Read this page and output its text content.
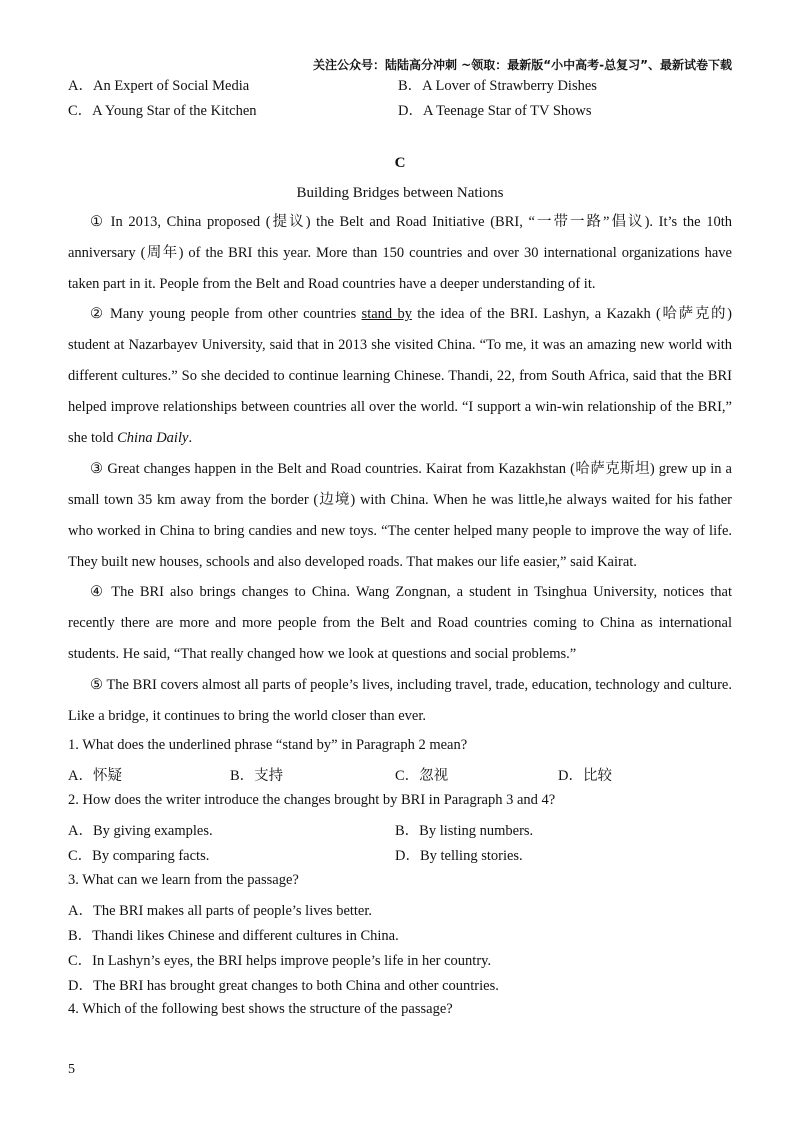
关注公众号：陆陆高分冲刺 ~领取：最新版“小中高考-总复习”、最新试卷下载
A．An Expert of Social Media	B．A Lover of Strawberry Dishes
C．A Young Star of the Kitchen	D．A Teenage Star of TV Shows
C
Building Bridges between Nations
① In 2013, China proposed (提议) the Belt and Road Initiative (BRI, “一带一路”倡议). It’s the 10th anniversary (周年) of the BRI this year. More than 150 countries and over 30 international organizations have taken part in it. People from the Belt and Road countries have a deeper understanding of it.
② Many young people from other countries stand by the idea of the BRI. Lashyn, a Kazakh (哈萨克的) student at Nazarbayev University, said that in 2013 she visited China. “To me, it was an amazing new world with different cultures.” So she decided to continue learning Chinese. Thandi, 22, from South Africa, said that the BRI helped improve relationships between countries all over the world. “I support a win-win relationship of the BRI,” she told China Daily.
③ Great changes happen in the Belt and Road countries. Kairat from Kazakhstan (哈萨克斯坦) grew up in a small town 35 km away from the border (边境) with China. When he was little,he always waited for his father who worked in China to bring candies and new toys. “The center helped many people to improve the way of life. They built new houses, schools and also developed roads. That makes our life easier,” said Kairat.
④ The BRI also brings changes to China. Wang Zongnan, a student in Tsinghua University, notices that recently there are more and more people from the Belt and Road countries coming to China as international students. He said, “That really changed how we look at questions and social problems.”
⑤ The BRI covers almost all parts of people’s lives, including travel, trade, education, technology and culture. Like a bridge, it continues to bring the world closer than ever.
1. What does the underlined phrase “stand by” in Paragraph 2 mean?
A．怀疑	B．支持	C．忽视	D．比较
2. How does the writer introduce the changes brought by BRI in Paragraph 3 and 4?
A．By giving examples.	B．By listing numbers.
C．By comparing facts.	D．By telling stories.
3. What can we learn from the passage?
A．The BRI makes all parts of people’s lives better.
B．Thandi likes Chinese and different cultures in China.
C．In Lashyn’s eyes, the BRI helps improve people’s life in her country.
D．The BRI has brought great changes to both China and other countries.
4. Which of the following best shows the structure of the passage?
5
